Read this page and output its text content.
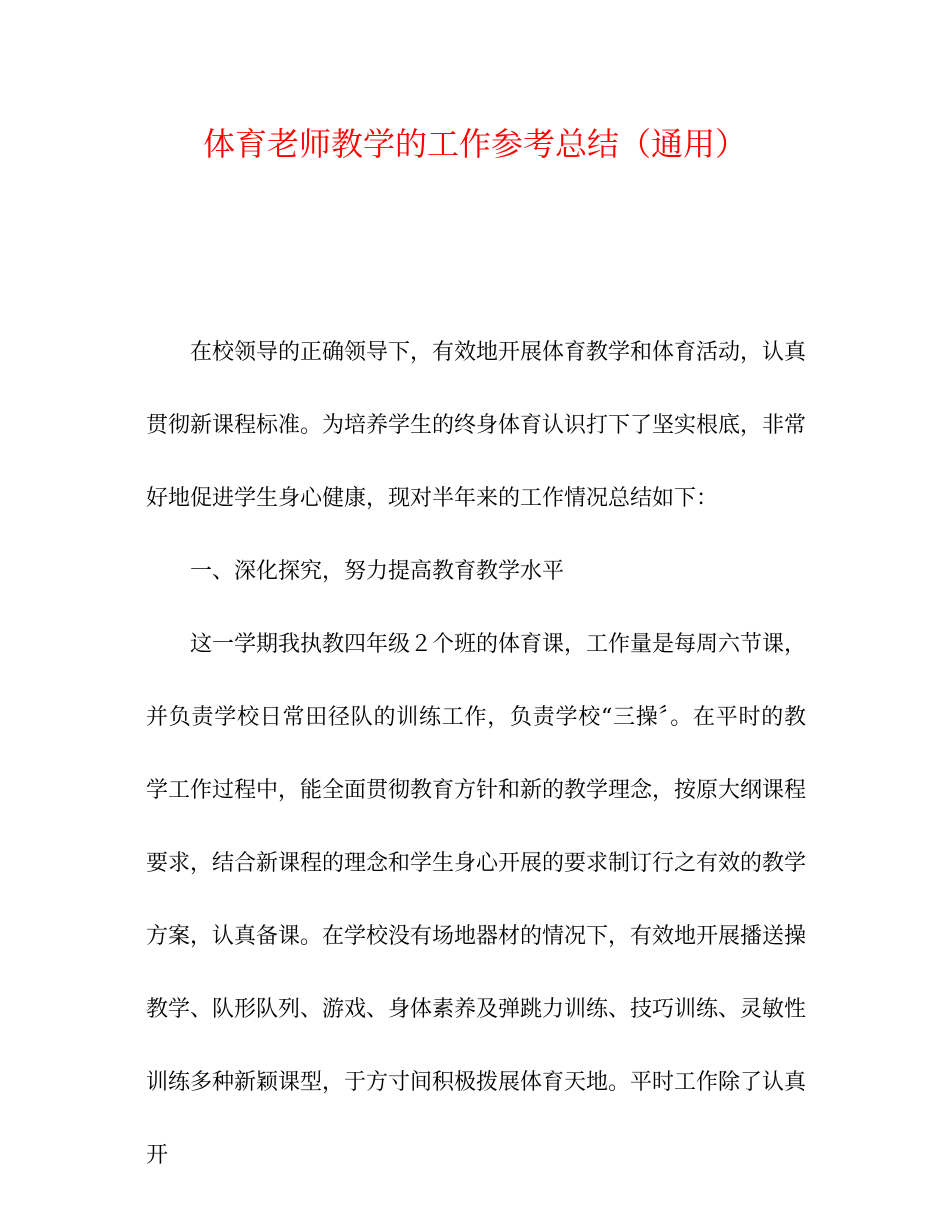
体育老师教学的工作参考总结（通用）

在校领导的正确领导下，有效地开展体育教学和体育活动，认真贯彻新课程标准。为培养学生的终身体育认识打下了坚实根底，非常好地促进学生身心健康，现对半年来的工作情况总结如下：

一、深化探究，努力提高教育教学水平

这一学期我执教四年级２个班的体育课，工作量是每周六节课，并负责学校日常田径队的训练工作，负责学校“三操〞。在平时的教学工作过程中，能全面贯彻教育方针和新的教学理念，按原大纲课程要求，结合新课程的理念和学生身心开展的要求制订行之有效的教学方案，认真备课。在学校没有场地器材的情况下，有效地开展播送操教学、队形队列、游戏、身体素养及弹跳力训练、技巧训练、灵敏性训练多种新颖课型，于方寸间积极拨展体育天地。平时工作除了认真开
